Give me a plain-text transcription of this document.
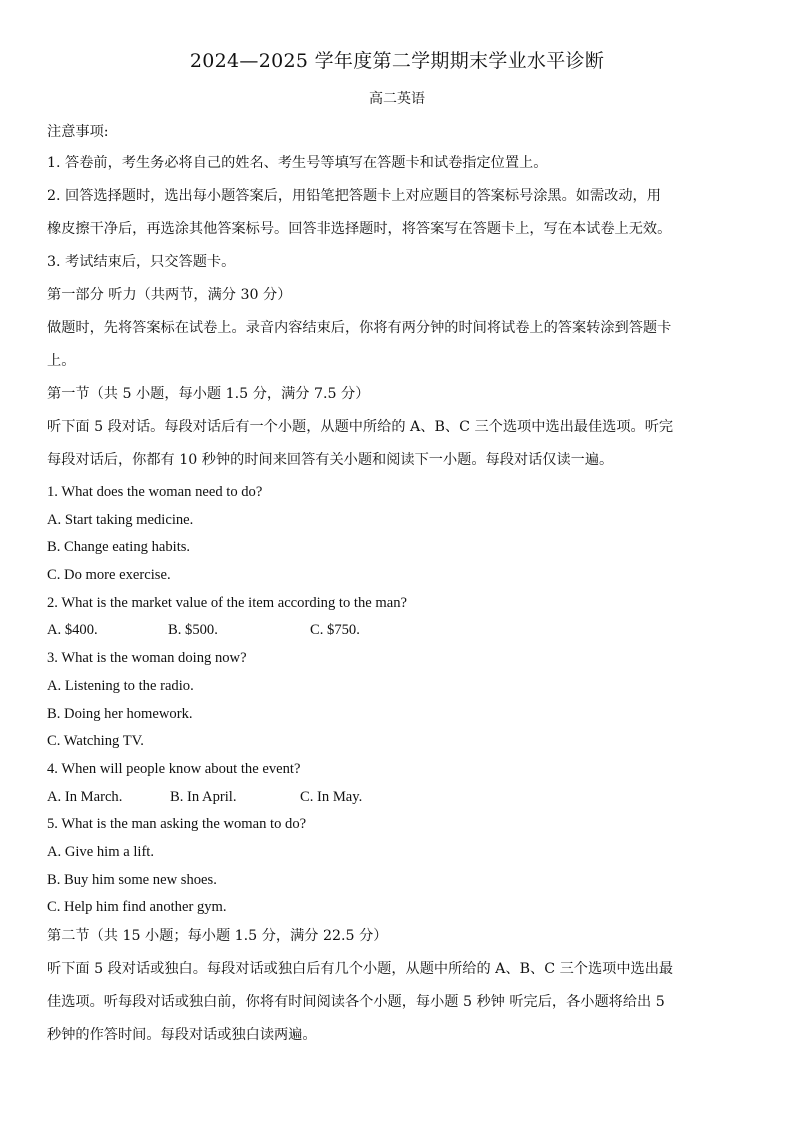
2024—2025 学年度第二学期期末学业水平诊断
高二英语

注意事项:

1. 答卷前，考生务必将自己的姓名、考生号等填写在答题卡和试卷指定位置上。

2. 回答选择题时，选出每小题答案后，用铅笔把答题卡上对应题目的答案标号涂黑。如需改动，用

橡皮擦干净后，再选涂其他答案标号。回答非选择题时，将答案写在答题卡上，写在本试卷上无效。

3. 考试结束后，只交答题卡。

第一部分 听力（共两节，满分 30 分）

做题时，先将答案标在试卷上。录音内容结束后，你将有两分钟的时间将试卷上的答案转涂到答题卡

上。

第一节（共 5 小题，每小题 1.5 分，满分 7.5 分）

听下面 5 段对话。每段对话后有一个小题，从题中所给的 A、B、C 三个选项中选出最佳选项。听完

每段对话后，你都有 10 秒钟的时间来回答有关小题和阅读下一小题。每段对话仅读一遍。

1. What does the woman need to do?

A. Start taking medicine.

B. Change eating habits.

C. Do more exercise.

2. What is the market value of the item according to the man?

A. $400.	B. $500.	C. $750.

3. What is the woman doing now?

A. Listening to the radio.

B. Doing her homework.

C. Watching TV.

4. When will people know about the event?

A. In March.	B. In April.	C. In May.

5. What is the man asking the woman to do?

A. Give him a lift.

B. Buy him some new shoes.

C. Help him find another gym.

第二节（共 15 小题；每小题 1.5 分，满分 22.5 分）

听下面 5 段对话或独白。每段对话或独白后有几个小题，从题中所给的 A、B、C 三个选项中选出最

佳选项。听每段对话或独白前，你将有时间阅读各个小题，每小题 5 秒钟 听完后，各小题将给出 5

秒钟的作答时间。每段对话或独白读两遍。
